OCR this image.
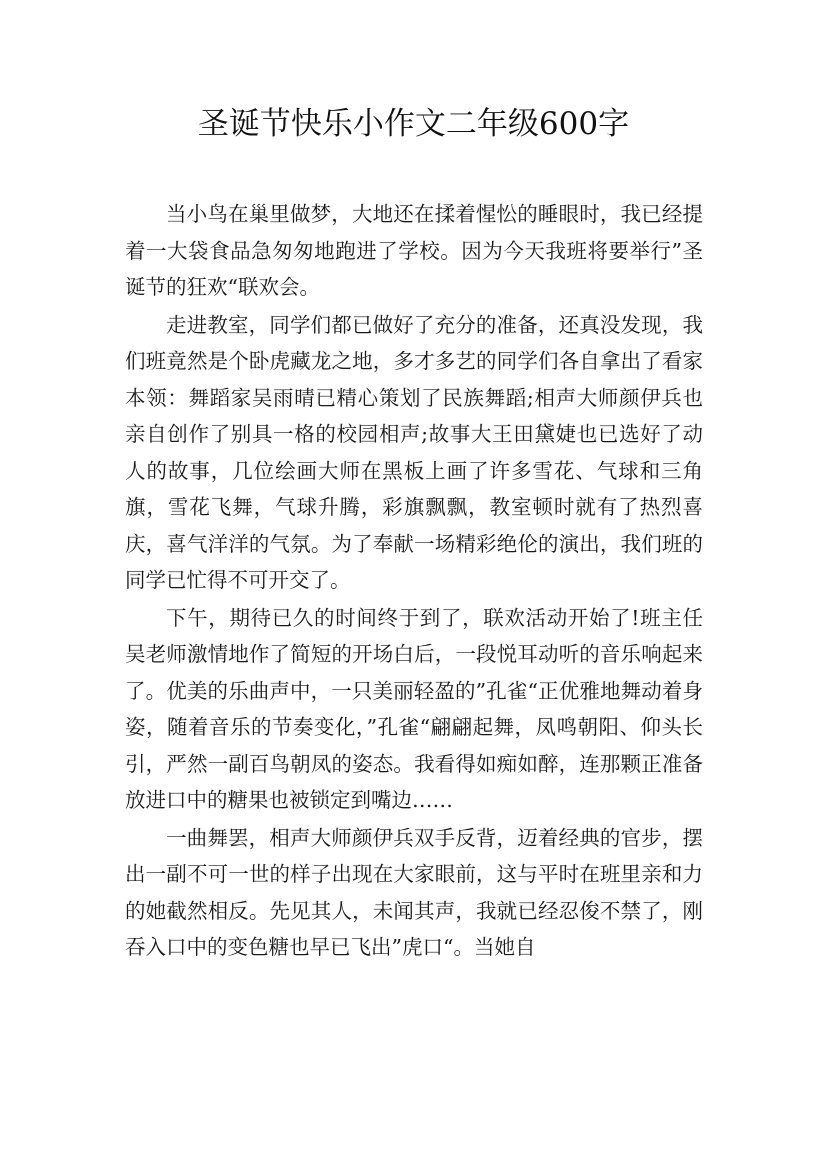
圣诞节快乐小作文二年级600字

当小鸟在巢里做梦，大地还在揉着惺忪的睡眼时，我已经提着一大袋食品急匆匆地跑进了学校。因为今天我班将要举行”圣诞节的狂欢“联欢会。

走进教室，同学们都已做好了充分的准备，还真没发现，我们班竟然是个卧虎藏龙之地，多才多艺的同学们各自拿出了看家本领：舞蹈家吴雨晴已精心策划了民族舞蹈;相声大师颜伊兵也亲自创作了别具一格的校园相声;故事大王田黛婕也已选好了动人的故事，几位绘画大师在黑板上画了许多雪花、气球和三角旗，雪花飞舞，气球升腾，彩旗飘飘，教室顿时就有了热烈喜庆，喜气洋洋的气氛。为了奉献一场精彩绝伦的演出，我们班的同学已忙得不可开交了。

下午，期待已久的时间终于到了，联欢活动开始了!班主任吴老师激情地作了简短的开场白后，一段悦耳动听的音乐响起来了。优美的乐曲声中，一只美丽轻盈的”孔雀“正优雅地舞动着身姿，随着音乐的节奏变化，”孔雀“翩翩起舞，凤鸣朝阳、仰头长引，严然一副百鸟朝凤的姿态。我看得如痴如醉，连那颗正准备放进口中的糖果也被锁定到嘴边……

一曲舞罢，相声大师颜伊兵双手反背，迈着经典的官步，摆出一副不可一世的样子出现在大家眼前，这与平时在班里亲和力的她截然相反。先见其人，未闻其声，我就已经忍俊不禁了，刚吞入口中的变色糖也早已飞出”虎口“。当她自
